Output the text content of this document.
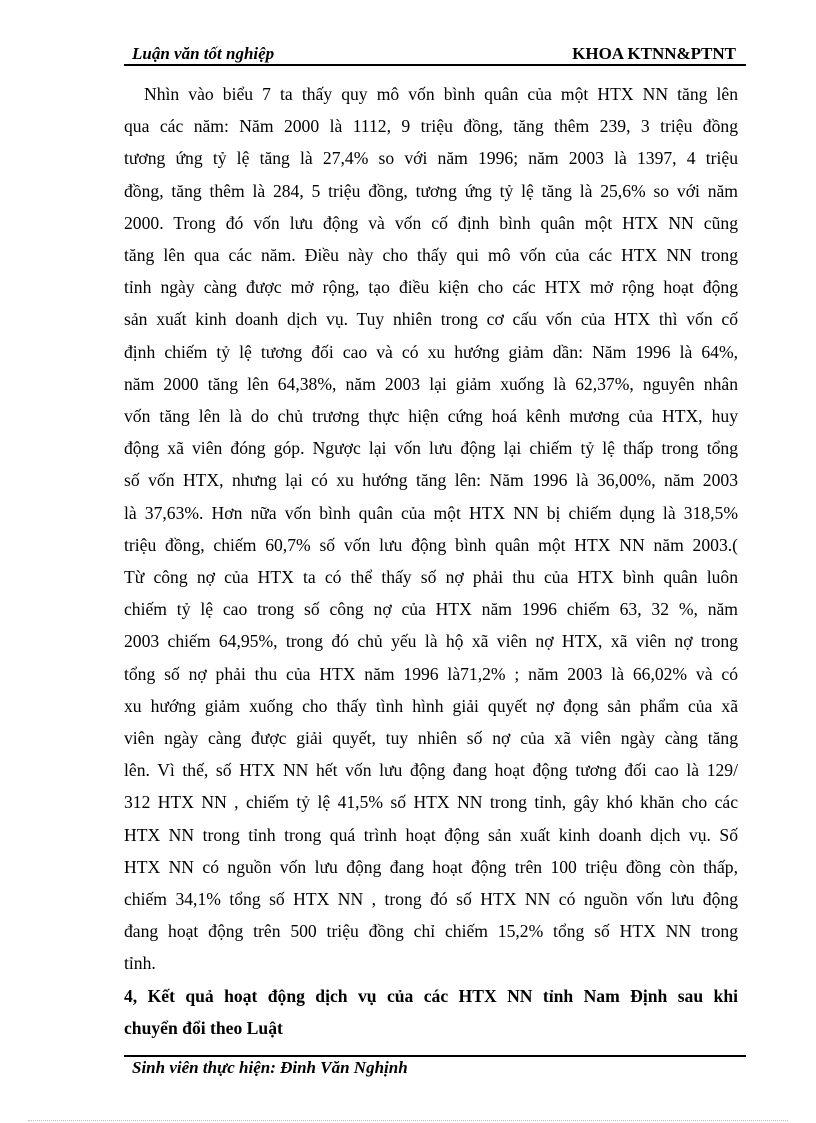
Luận văn tốt nghiệp	KHOA KTNN&PTNT

Nhìn vào biểu 7 ta thấy quy mô vốn bình quân của một HTX NN tăng lên
qua các năm: Năm 2000 là 1112, 9 triệu đồng, tăng thêm 239, 3 triệu đồng
tương ứng tỷ lệ tăng là 27,4% so với năm 1996; năm 2003 là 1397, 4 triệu
đồng, tăng thêm là 284, 5 triệu đồng, tương ứng tỷ lệ tăng là 25,6% so với năm
2000. Trong đó vốn lưu động và vốn cố định bình quân một HTX NN cũng
tăng lên qua các năm. Điều này cho thấy qui mô vốn của các HTX NN trong
tỉnh ngày càng được mở rộng, tạo điều kiện cho các HTX mở rộng hoạt động
sản xuất kinh doanh dịch vụ. Tuy nhiên trong cơ cấu vốn của HTX thì vốn cố
định chiếm tỷ lệ tương đối cao và có xu hướng giảm dần: Năm 1996 là 64%,
năm 2000 tăng lên 64,38%, năm 2003 lại giảm xuống là 62,37%, nguyên nhân
vốn tăng lên là do chủ trương thực hiện cứng hoá kênh mương của HTX, huy
động xã viên đóng góp. Ngược lại vốn lưu động lại chiếm tỷ lệ thấp trong tổng
số vốn HTX, nhưng lại có xu hướng tăng lên: Năm 1996 là 36,00%, năm 2003
là 37,63%. Hơn nữa vốn bình quân của một HTX NN bị chiếm dụng là 318,5%
triệu đồng, chiếm 60,7% số vốn lưu động bình quân một HTX NN năm 2003.(
Từ công nợ của HTX ta có thể thấy số nợ phải thu của HTX bình quân luôn
chiếm tỷ lệ cao trong số công nợ của HTX năm 1996 chiếm 63, 32 %, năm
2003 chiếm 64,95%, trong đó chủ yếu là hộ xã viên nợ HTX, xã viên nợ trong
tổng số nợ phải thu của HTX năm 1996 là71,2% ; năm 2003 là 66,02% và có
xu hướng giảm xuống cho thấy tình hình giải quyết nợ đọng sản phẩm của xã
viên ngày càng được giải quyết, tuy nhiên số nợ của xã viên ngày càng tăng
lên. Vì thế, số HTX NN hết vốn lưu động đang hoạt động tương đối cao là 129/
312 HTX NN , chiếm tỷ lệ 41,5% số HTX NN trong tỉnh, gây khó khăn cho các
HTX NN trong tỉnh trong quá trình hoạt động sản xuất kinh doanh dịch vụ. Số
HTX NN có nguồn vốn lưu động đang hoạt động trên 100 triệu đồng còn thấp,
chiếm 34,1% tổng số HTX NN , trong đó số HTX NN có nguồn vốn lưu động
đang hoạt động trên 500 triệu đồng chỉ chiếm 15,2% tổng số HTX NN trong
tỉnh.

4, Kết quả hoạt động dịch vụ của các HTX NN tỉnh Nam Định sau khi
chuyển đổi theo Luật

Sinh viên thực hiện: Đinh Văn Nghịnh
